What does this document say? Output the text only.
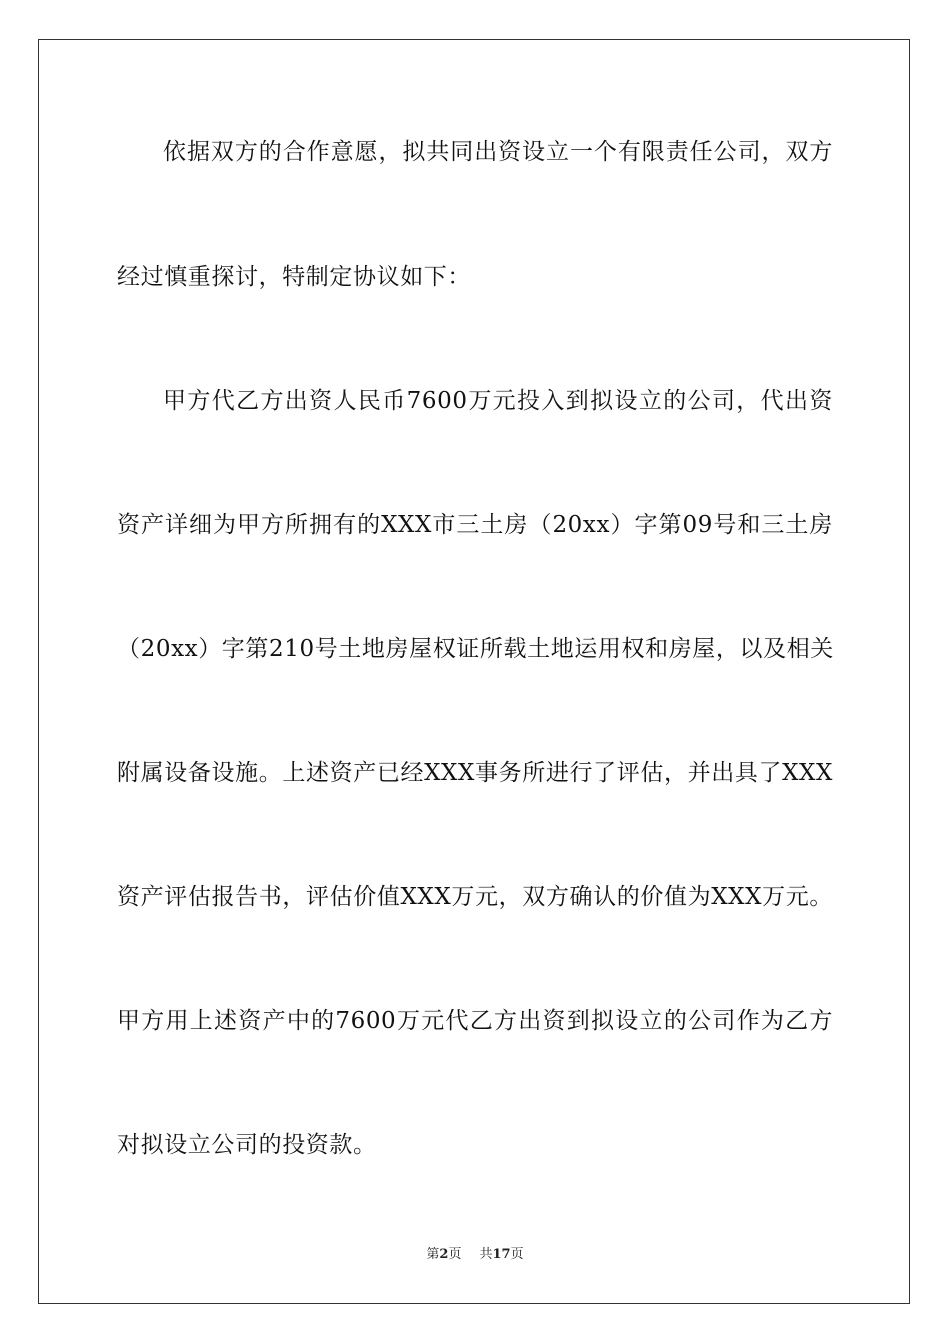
依据双方的合作意愿，拟共同出资设立一个有限责任公司，双方
经过慎重探讨，特制定协议如下：
甲方代乙方出资人民币7600万元投入到拟设立的公司，代出资
资产详细为甲方所拥有的XXX市三土房（20xx）字第09号和三土房
（20xx）字第210号土地房屋权证所载土地运用权和房屋，以及相关
附属设备设施。上述资产已经XXX事务所进行了评估，并出具了XXX
资产评估报告书，评估价值XXX万元，双方确认的价值为XXX万元。
甲方用上述资产中的7600万元代乙方出资到拟设立的公司作为乙方
对拟设立公司的投资款。
第2页 共17页
